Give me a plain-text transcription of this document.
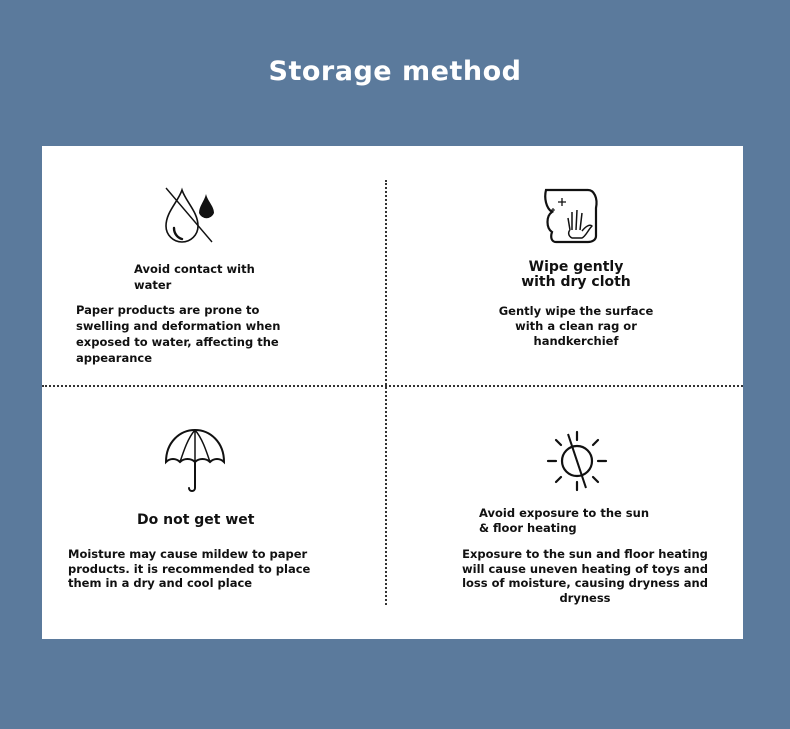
Storage method
Avoid contact with water
Paper products are prone to swelling and deformation when exposed to water, affecting the appearance
Wipe gently with dry cloth
Gently wipe the surface with a clean rag or handkerchief
Do not get wet
Moisture may cause mildew to paper products. it is recommended to place them in a dry and cool place
Avoid exposure to the sun & floor heating
Exposure to the sun and floor heating will cause uneven heating of toys and loss of moisture, causing dryness and dryness
